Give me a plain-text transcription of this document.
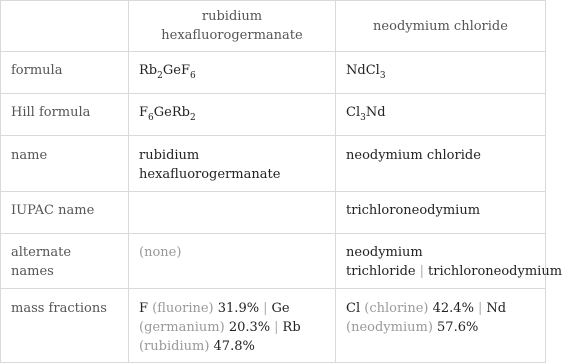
	rubidium hexafluorogermanate	neodymium chloride
formula	$Rb_2GeF_6$	NdCl$_3$
Hill formula	$F_6GeRb_2$	$Cl_3Nd$
name	rubidium hexafluorogermanate	neodymium chloride
IUPAC name		trichloroneodymium
alternate names	(none)	neodymium trichloride | trichloroneodymium
mass fractions	F (fluorine) 31.9% | Ge (germanium) 20.3% | Rb (rubidium) 47.8%	Cl (chlorine) 42.4% | Nd (neodymium) 57.6%
